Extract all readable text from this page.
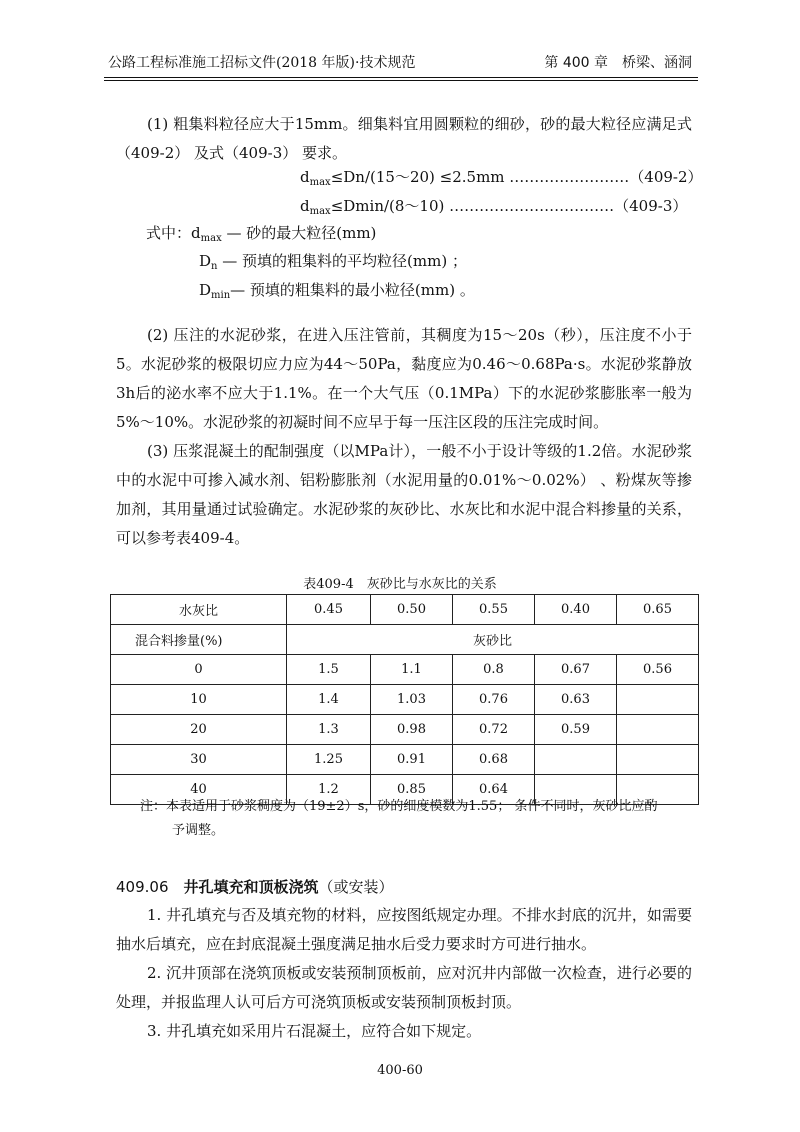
公路工程标准施工招标文件(2018 年版)·技术规范	第 400 章　桥梁、涵洞

(1) 粗集料粒径应大于15mm。细集料宜用圆颗粒的细砂，砂的最大粒径应满足式（409-2） 及式（409-3） 要求。

$d_{max}\le Dn/(15\sim 20) \le 2.5mm$ ……………………（409-2）
$d_{max}\le Dmin/(8\sim 10)$ ……………………………（409-3）
式中：$d_{max}$ — 砂的最大粒径(mm)
$D_n$ — 预填的粗集料的平均粒径(mm) ；
$D_{min}—$ 预填的粗集料的最小粒径(mm) 。

(2) 压注的水泥砂浆，在进入压注管前，其稠度为15～20s（秒），压注度不小于5。水泥砂浆的极限切应力应为44～50Pa，黏度应为0.46～0.68Pa·s。水泥砂浆静放3h后的泌水率不应大于1.1%。在一个大气压（0.1MPa）下的水泥砂浆膨胀率一般为5%～10%。水泥砂浆的初凝时间不应早于每一压注区段的压注完成时间。

(3) 压浆混凝土的配制强度（以MPa计），一般不小于设计等级的1.2倍。水泥砂浆中的水泥中可掺入减水剂、铝粉膨胀剂（水泥用量的0.01%～0.02%） 、粉煤灰等掺加剂，其用量通过试验确定。水泥砂浆的灰砂比、水灰比和水泥中混合料掺量的关系，可以参考表409-4。

表409-4　灰砂比与水灰比的关系
水灰比	0.45	0.50	0.55	0.40	0.65
混合料掺量(%)	灰砂比				
0	1.5	1.1	0.8	0.67	0.56
10	1.4	1.03	0.76	0.63	
20	1.3	0.98	0.72	0.59	
30	1.25	0.91	0.68		
40	1.2	0.85	0.64		
注：本表适用于砂浆稠度为（19±2）s，砂的细度模数为1.55； 条件不同时，灰砂比应酌
予调整。
409.06　 井孔填充和顶板浇筑（或安装）

1. 井孔填充与否及填充物的材料，应按图纸规定办理。不排水封底的沉井，如需要抽水后填充，应在封底混凝土强度满足抽水后受力要求时方可进行抽水。

2. 沉井顶部在浇筑顶板或安装预制顶板前，应对沉井内部做一次检查，进行必要的处理，并报监理人认可后方可浇筑顶板或安装预制顶板封顶。

3. 井孔填充如采用片石混凝土，应符合如下规定。

400-60
